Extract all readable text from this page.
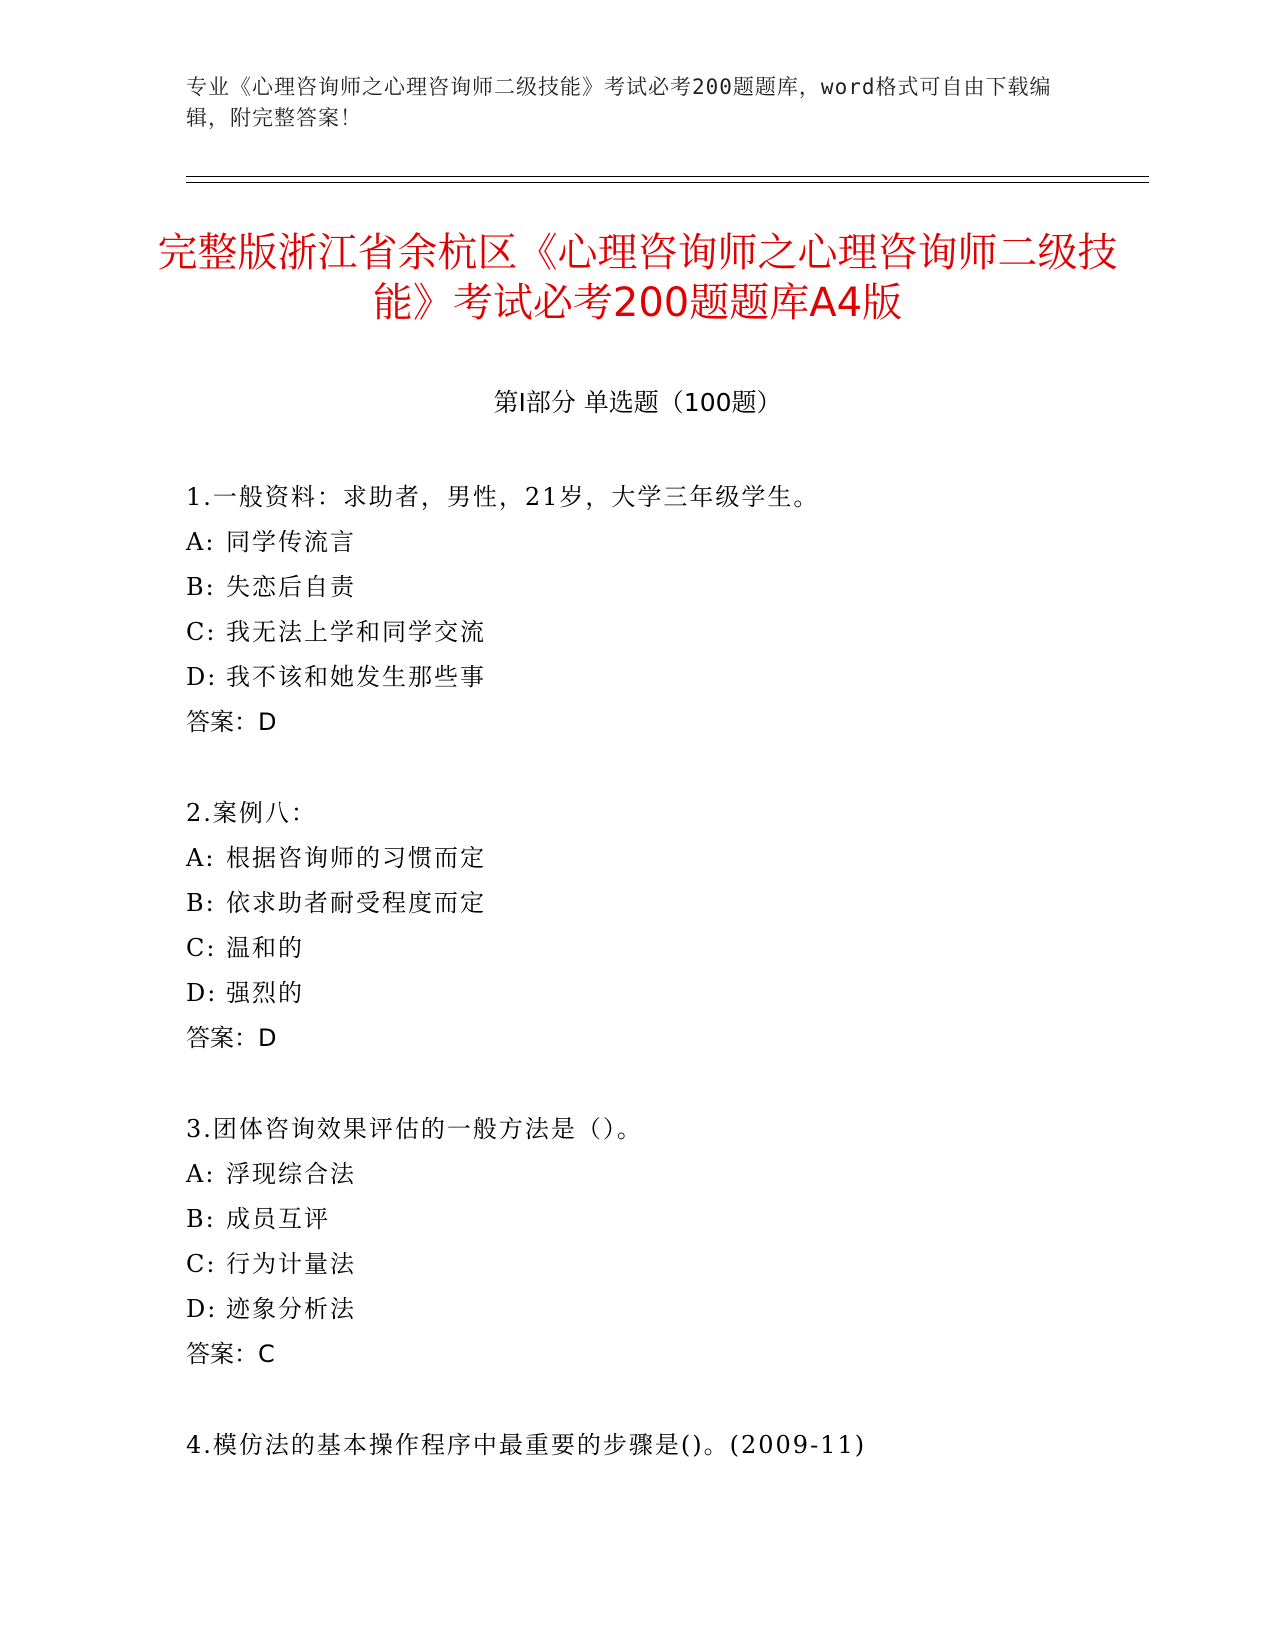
专业《心理咨询师之心理咨询师二级技能》考试必考200题题库，word格式可自由下载编辑，附完整答案！
完整版浙江省余杭区《心理咨询师之心理咨询师二级技能》考试必考200题题库A4版
第Ⅰ部分 单选题（100题）
1.一般资料：求助者，男性，21岁，大学三年级学生。
A: 同学传流言
B: 失恋后自责
C: 我无法上学和同学交流
D: 我不该和她发生那些事
答案：D
2.案例八：
A: 根据咨询师的习惯而定
B: 依求助者耐受程度而定
C: 温和的
D: 强烈的
答案：D
3.团体咨询效果评估的一般方法是（）。
A: 浮现综合法
B: 成员互评
C: 行为计量法
D: 迹象分析法
答案：C
4.模仿法的基本操作程序中最重要的步骤是()。(2009-11)
